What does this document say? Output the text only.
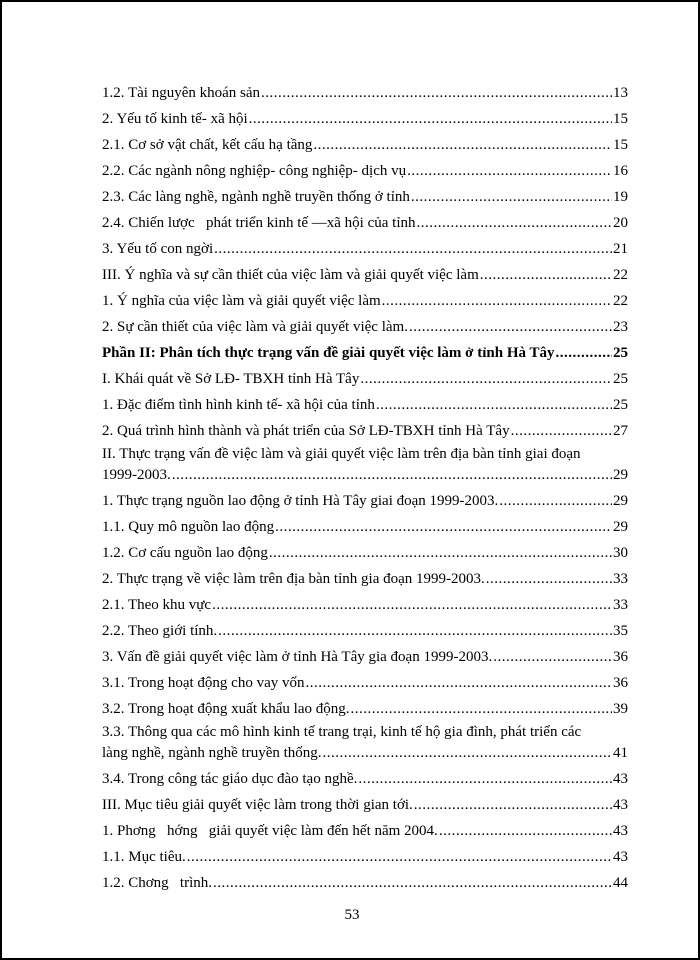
1.2. Tài nguyên khoán sản .....	13
2. Yếu tố kinh tế- xã hội .....	15
2.1. Cơ sở vật chất, kết cấu hạ tầng .....	15
2.2. Các ngành nông nghiệp- công nghiệp- dịch vụ .....	16
2.3. Các làng nghề, ngành nghề truyền thống ở tỉnh .....	19
2.4. Chiến lược   phát triển kinh tế —xã hội của tỉnh .....	20
3. Yếu tố con ngời .....	21
III. Ý nghĩa và sự cần thiết của việc làm và giải quyết việc làm .....	22
1. Ý nghĩa của việc làm và giải quyết việc làm .....	22
2. Sự cần thiết của việc làm và giải quyết việc làm. .....	23
Phần II: Phân tích thực trạng vấn đề giải quyết việc làm ở tỉnh Hà Tây .....	25
I. Khái quát về Sở LĐ- TBXH tỉnh Hà Tây .....	25
1. Đặc điểm tình hình kinh tế- xã hội của tỉnh .....	25
2. Quá trình hình thành và phát triển của Sở LĐ-TBXH tỉnh Hà Tây .....	27
II. Thực trạng vấn đề việc làm và giải quyết việc làm trên địa bàn tỉnh giai đoạn
1999-2003. .....	29
1. Thực trạng nguồn lao động ở tỉnh Hà Tây giai đoạn 1999-2003. .....	29
1.1. Quy mô nguồn lao động .....	29
1.2. Cơ cấu nguồn lao động .....	30
2. Thực trạng về việc làm trên địa bàn tỉnh gia đoạn 1999-2003. .....	33
2.1. Theo khu vực .....	33
2.2. Theo giới tính. .....	35
3. Vấn đề giải quyết việc làm ở tỉnh Hà Tây gia đoạn 1999-2003. .....	36
3.1. Trong hoạt động cho vay vốn .....	36
3.2. Trong hoạt động xuất khẩu lao động. .....	39
3.3. Thông qua các mô hình kinh tế trang trại, kinh tế hộ gia đình, phát triển các
làng nghề, ngành nghề truyền thống. .....	41
3.4. Trong công tác giáo dục đào tạo nghề. .....	43
III. Mục tiêu giải quyết việc làm trong thời gian tới. .....	43
1. Phơng   hớng   giải quyết việc làm đến hết năm 2004. .....	43
1.1. Mục tiêu. .....	43
1.2. Chơng   trình. .....	44
53
